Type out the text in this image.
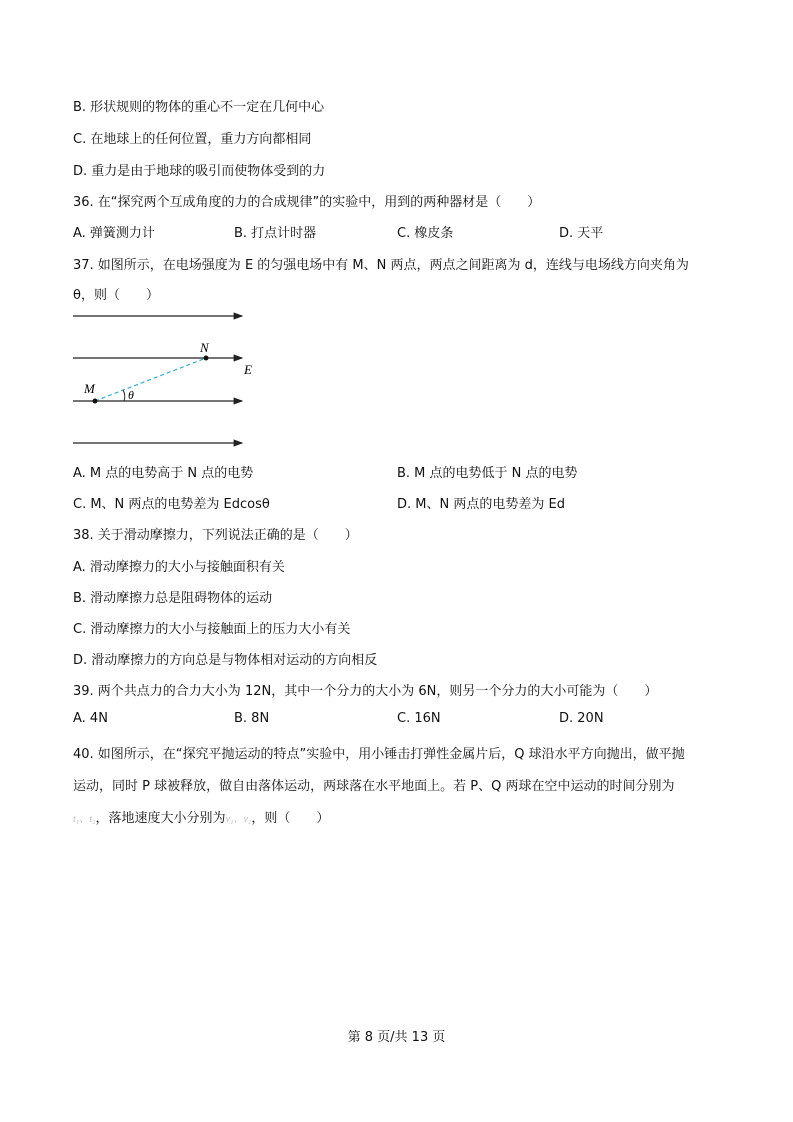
B. 形状规则的物体的重心不一定在几何中心
C. 在地球上的任何位置，重力方向都相同
D. 重力是由于地球的吸引而使物体受到的力
36. 在“探究两个互成角度的力的合成规律”的实验中，用到的两种器材是（　　）
A. 弹簧测力计	B. 打点计时器	C. 橡皮条	D. 天平
37. 如图所示，在电场强度为 E 的匀强电场中有 M、N 两点，两点之间距离为 d，连线与电场线方向夹角为
θ，则（　　）
N
M
E
θ
A. M 点的电势高于 N 点的电势	B. M 点的电势低于 N 点的电势
C. M、N 两点的电势差为 Edcosθ	D. M、N 两点的电势差为 Ed
38. 关于滑动摩擦力，下列说法正确的是（　　）
A. 滑动摩擦力的大小与接触面积有关
B. 滑动摩擦力总是阻碍物体的运动
C. 滑动摩擦力的大小与接触面上的压力大小有关
D. 滑动摩擦力的方向总是与物体相对运动的方向相反
39. 两个共点力的合力大小为 12N，其中一个分力的大小为 6N，则另一个分力的大小可能为（　　）
A. 4N	B. 8N	C. 16N	D. 20N
40. 如图所示，在“探究平抛运动的特点”实验中，用小锤击打弹性金属片后，Q 球沿水平方向抛出，做平抛
运动，同时 P 球被释放，做自由落体运动，两球落在水平地面上。若 P、Q 两球在空中运动的时间分别为
t₁、t₂，落地速度大小分别为v₁、v₂，则（　　）
第 8 页/共 13 页
